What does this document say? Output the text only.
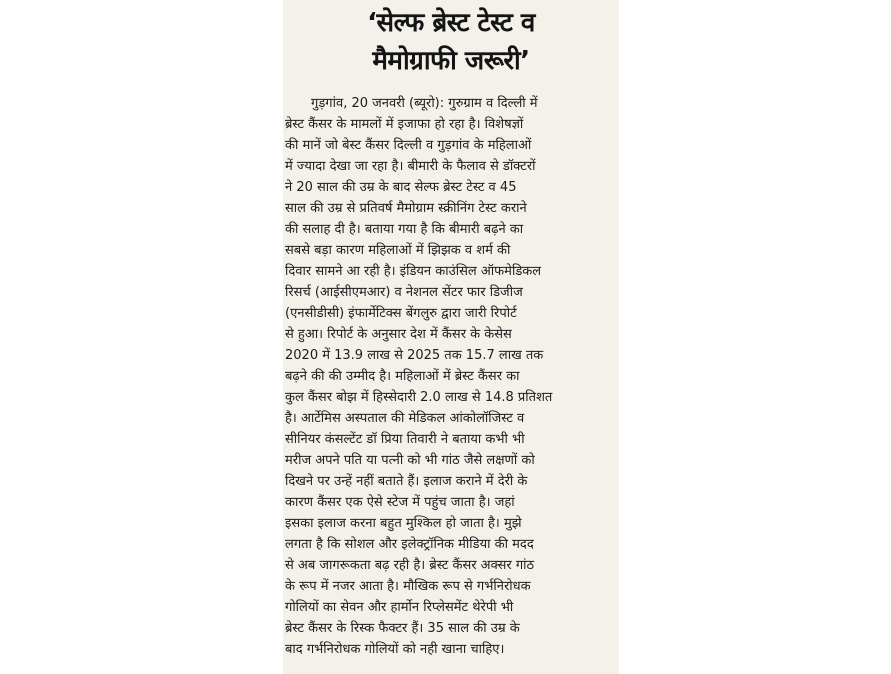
‘सेल्फ ब्रेस्ट टेस्ट व
मैमोग्राफी जरूरी’
गुड़गांव, 20 जनवरी (ब्यूरो): गुरुग्राम व दिल्ली में
ब्रेस्ट कैंसर के मामलों में इजाफा हो रहा है। विशेषज्ञों
की मानें जो बेस्ट कैंसर दिल्ली व गुड़गांव के महिलाओं
में ज्यादा देखा जा रहा है। बीमारी के फैलाव से डॉक्टरों
ने 20 साल की उम्र के बाद सेल्फ ब्रेस्ट टेस्ट व 45
साल की उम्र से प्रतिवर्ष मैमोग्राम स्क्रीनिंग टेस्ट कराने
की सलाह दी है। बताया गया है कि बीमारी बढ़ने का
सबसे बड़ा कारण महिलाओं में झिझक व शर्म की
दिवार सामने आ रही है। इंडियन काउंसिल ऑफमेडिकल
रिसर्च (आईसीएमआर) व नेशनल सेंटर फार डिजीज
(एनसीडीसी) इंफार्मेटिक्स बेंगलुरु द्वारा जारी रिपोर्ट
से हुआ। रिपोर्ट के अनुसार देश में कैंसर के केसेस
2020 में 13.9 लाख से 2025 तक 15.7 लाख तक
बढ़ने की की उम्मीद है। महिलाओं में ब्रेस्ट कैंसर का
कुल कैंसर बोझ में हिस्सेदारी 2.0 लाख से 14.8 प्रतिशत
है। आर्टेमिस अस्पताल की मेडिकल आंकोलॉजिस्ट व
सीनियर कंसल्टेंट डॉ प्रिया तिवारी ने बताया कभी भी
मरीज अपने पति या पत्नी को भी गांठ जैसे लक्षणों को
दिखने पर उन्हें नहीं बताते हैं। इलाज कराने में देरी के
कारण कैंसर एक ऐसे स्टेज में पहुंच जाता है। जहां
इसका इलाज करना बहुत मुश्किल हो जाता है। मुझे
लगता है कि सोशल और इलेक्ट्रॉनिक मीडिया की मदद
से अब जागरूकता बढ़ रही है। ब्रेस्ट कैंसर अक्सर गांठ
के रूप में नजर आता है। मौखिक रूप से गर्भनिरोधक
गोलियों का सेवन और हार्मोन रिप्लेसमेंट थेरेपी भी
ब्रेस्ट कैंसर के रिस्क फैक्टर हैं। 35 साल की उम्र के
बाद गर्भनिरोधक गोलियों को नही खाना चाहिए।
